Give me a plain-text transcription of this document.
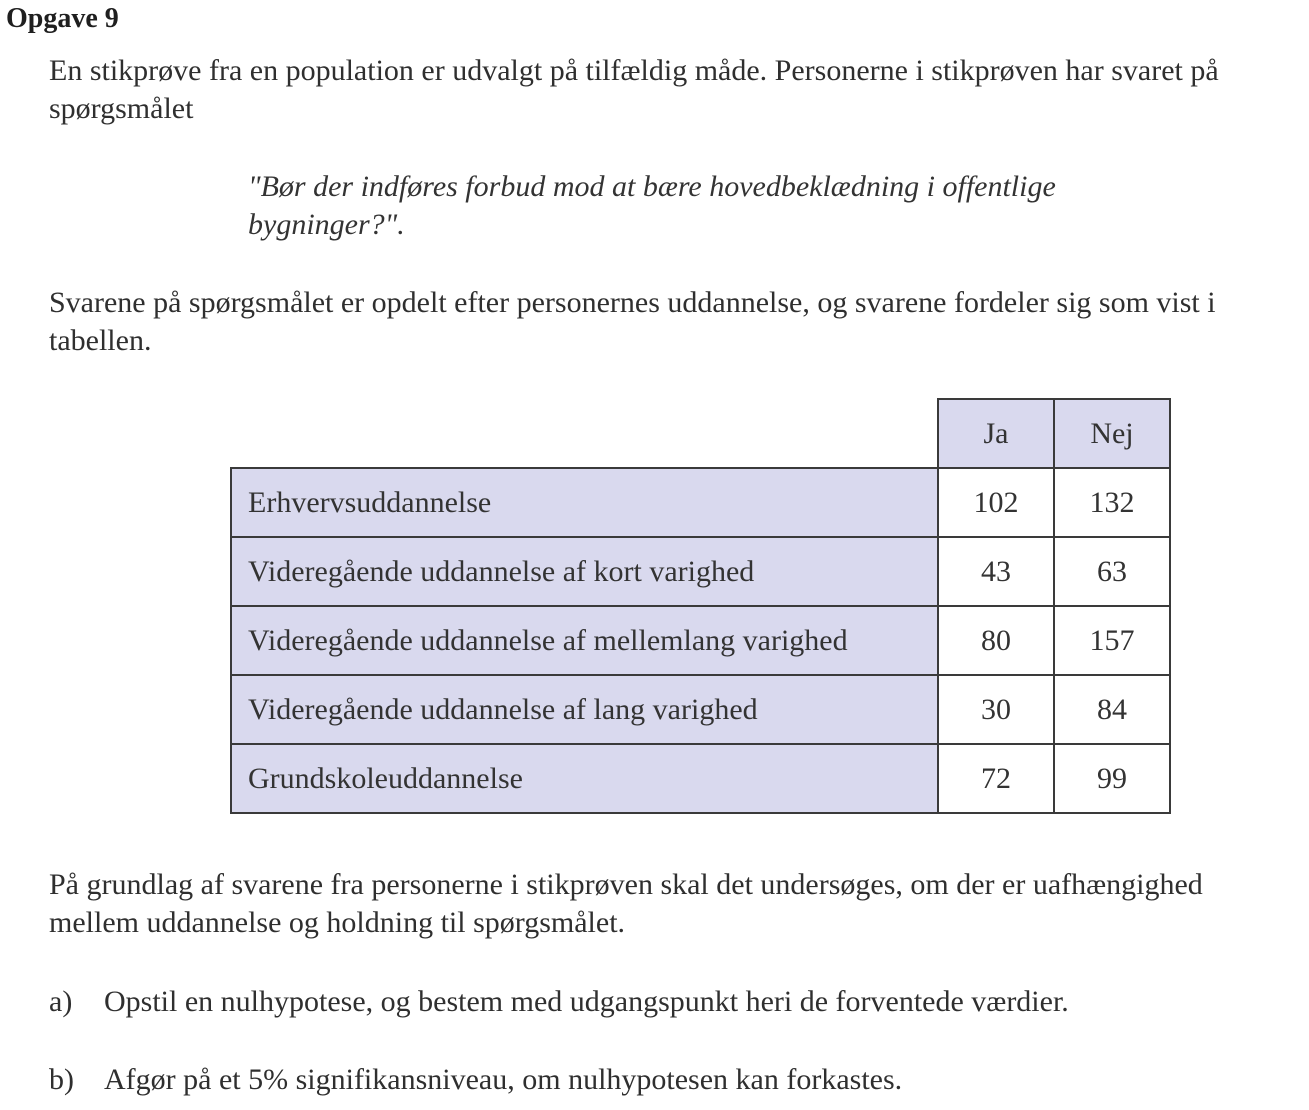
Opgave 9
En stikprøve fra en population er udvalgt på tilfældig måde. Personerne i stikprøven har svaret på spørgsmålet
"Bør der indføres forbud mod at bære hovedbeklædning i offentlige bygninger?".
Svarene på spørgsmålet er opdelt efter personernes uddannelse, og svarene fordeler sig som vist i tabellen.
	Ja	Nej
Erhvervsuddannelse	102	132
Videregående uddannelse af kort varighed	43	63
Videregående uddannelse af mellemlang varighed	80	157
Videregående uddannelse af lang varighed	30	84
Grundskoleuddannelse	72	99
På grundlag af svarene fra personerne i stikprøven skal det undersøges, om der er uafhængighed mellem uddannelse og holdning til spørgsmålet.
a)	Opstil en nulhypotese, og bestem med udgangspunkt heri de forventede værdier.
b)	Afgør på et 5% signifikansniveau, om nulhypotesen kan forkastes.
